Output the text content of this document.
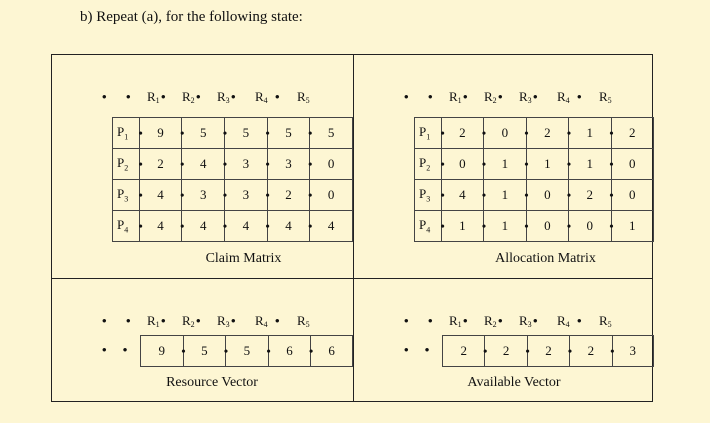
b) Repeat (a), for the following state:
• • $R_1$ • $R_2$ • $R_3$ • $R_4$ • $R_5$
$P_1$ •	9 •	5 •	5 •	5 •	5
$P_2$ •	2 •	4 •	3 •	3 •	0
$P_3$ •	4 •	3 •	3 •	2 •	0
$P_4$ •	4 •	4 •	4 •	4 •	4
Claim Matrix
• • $R_1$ • $R_2$ • $R_3$ • $R_4$ • $R_5$
$P_1$ •	2 •	0 •	2 •	1 •	2
$P_2$ •	0 •	1 •	1 •	1 •	0
$P_3$ •	4 •	1 •	0 •	2 •	0
$P_4$ •	1 •	1 •	0 •	0 •	1
Allocation Matrix
• • $R_1$ • $R_2$ • $R_3$ • $R_4$ • $R_5$
•     • 9 •	5 •	5 •	6 •	6
Resource Vector
• • $R_1$ • $R_2$ • $R_3$ • $R_4$ • $R_5$
•     • 2 •	2 •	2 •	2 •	3
Available Vector
